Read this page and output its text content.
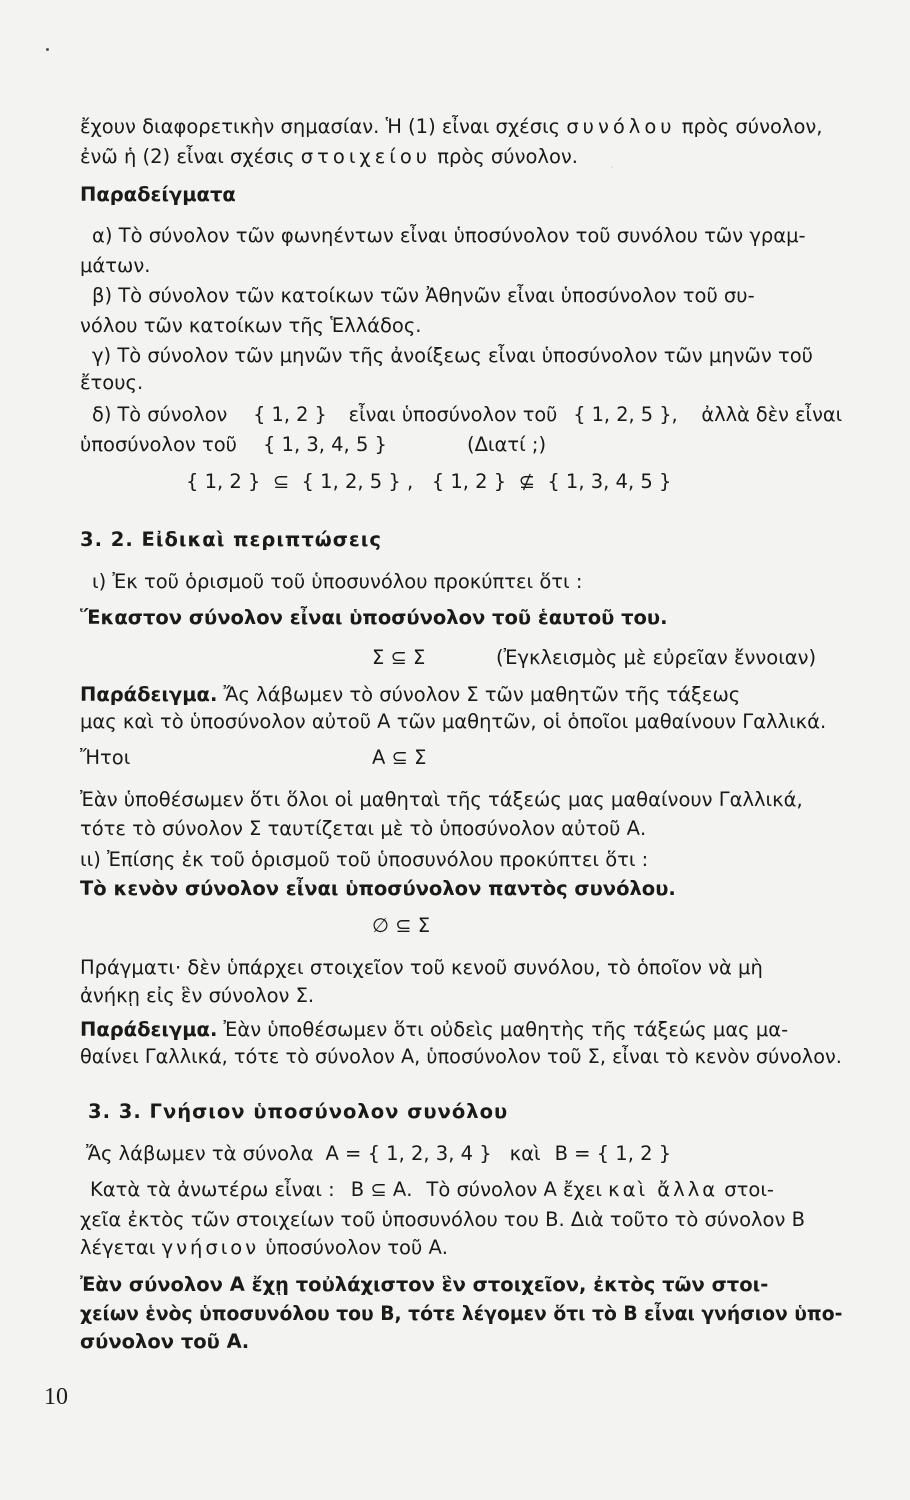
·
ἔχουν διαφορετικὴν σημασίαν. Ἡ (1) εἶναι σχέσις συνόλου πρὸς σύνολον,
ἐνῶ ἡ (2) εἶναι σχέσις στοιχείου πρὸς σύνολον.
Παραδείγματα
α) Τὸ σύνολον τῶν φωνηέντων εἶναι ὑποσύνολον τοῦ συνόλου τῶν γραμ-
μάτων.
β) Τὸ σύνολον τῶν κατοίκων τῶν Ἀθηνῶν εἶναι ὑποσύνολον τοῦ συ-
νόλου τῶν κατοίκων τῆς Ἑλλάδος.
γ) Τὸ σύνολον τῶν μηνῶν τῆς ἀνοίξεως εἶναι ὑποσύνολον τῶν μηνῶν τοῦ
ἔτους.
δ) Τὸ σύνολον { 1, 2 } εἶναι ὑποσύνολον τοῦ { 1, 2, 5 }, ἀλλὰ δὲν εἶναι
ὑποσύνολον τοῦ { 1, 3, 4, 5 }	(Διατί ;)
{ 1, 2 }  ⊆  { 1, 2, 5 } ,   { 1, 2 }  ⊈  { 1, 3, 4, 5 }
3. 2. Εἰδικαὶ περιπτώσεις
ι) Ἐκ τοῦ ὁρισμοῦ τοῦ ὑποσυνόλου προκύπτει ὅτι :
Ἕκαστον σύνολον εἶναι ὑποσύνολον τοῦ ἑαυτοῦ του.
Σ ⊆ Σ	(Ἐγκλεισμὸς μὲ εὐρεῖαν ἔννοιαν)
Παράδειγμα. Ἄς λάβωμεν τὸ σύνολον Σ τῶν μαθητῶν τῆς τάξεως
μας καὶ τὸ ὑποσύνολον αὐτοῦ Α τῶν μαθητῶν, οἱ ὁποῖοι μαθαίνουν Γαλλικά.
Ἤτοι	Α ⊆ Σ
Ἐὰν ὑποθέσωμεν ὅτι ὅλοι οἱ μαθηταὶ τῆς τάξεώς μας μαθαίνουν Γαλλικά,
τότε τὸ σύνολον Σ ταυτίζεται μὲ τὸ ὑποσύνολον αὐτοῦ Α.
ιι) Ἐπίσης ἐκ τοῦ ὁρισμοῦ τοῦ ὑποσυνόλου προκύπτει ὅτι :
Τὸ κενὸν σύνολον εἶναι ὑποσύνολον παντὸς συνόλου.
∅ ⊆ Σ
Πράγματι· δὲν ὑπάρχει στοιχεῖον τοῦ κενοῦ συνόλου, τὸ ὁποῖον νὰ μὴ
ἀνήκῃ εἰς ἓν σύνολον Σ.
Παράδειγμα. Ἐὰν ὑποθέσωμεν ὅτι οὐδεὶς μαθητὴς τῆς τάξεώς μας μα-
θαίνει Γαλλικά, τότε τὸ σύνολον Α, ὑποσύνολον τοῦ Σ, εἶναι τὸ κενὸν σύνολον.
3. 3. Γνήσιον ὑποσύνολον συνόλου
Ἄς λάβωμεν τὰ σύνολα Α = { 1, 2, 3, 4 } καὶ Β = { 1, 2 }
Κατὰ τὰ ἀνωτέρω εἶναι : Β ⊆ Α. Τὸ σύνολον Α ἔχει καὶ ἄλλα στοι-
χεῖα ἐκτὸς τῶν στοιχείων τοῦ ὑποσυνόλου του Β. Διὰ τοῦτο τὸ σύνολον Β
λέγεται γνήσιον ὑποσύνολον τοῦ Α.
Ἐὰν σύνολον Α ἔχῃ τοὐλάχιστον ἓν στοιχεῖον, ἐκτὸς τῶν στοι-
χείων ἑνὸς ὑποσυνόλου του Β, τότε λέγομεν ὅτι τὸ Β εἶναι γνήσιον ὑπο-
σύνολον τοῦ Α.
10
